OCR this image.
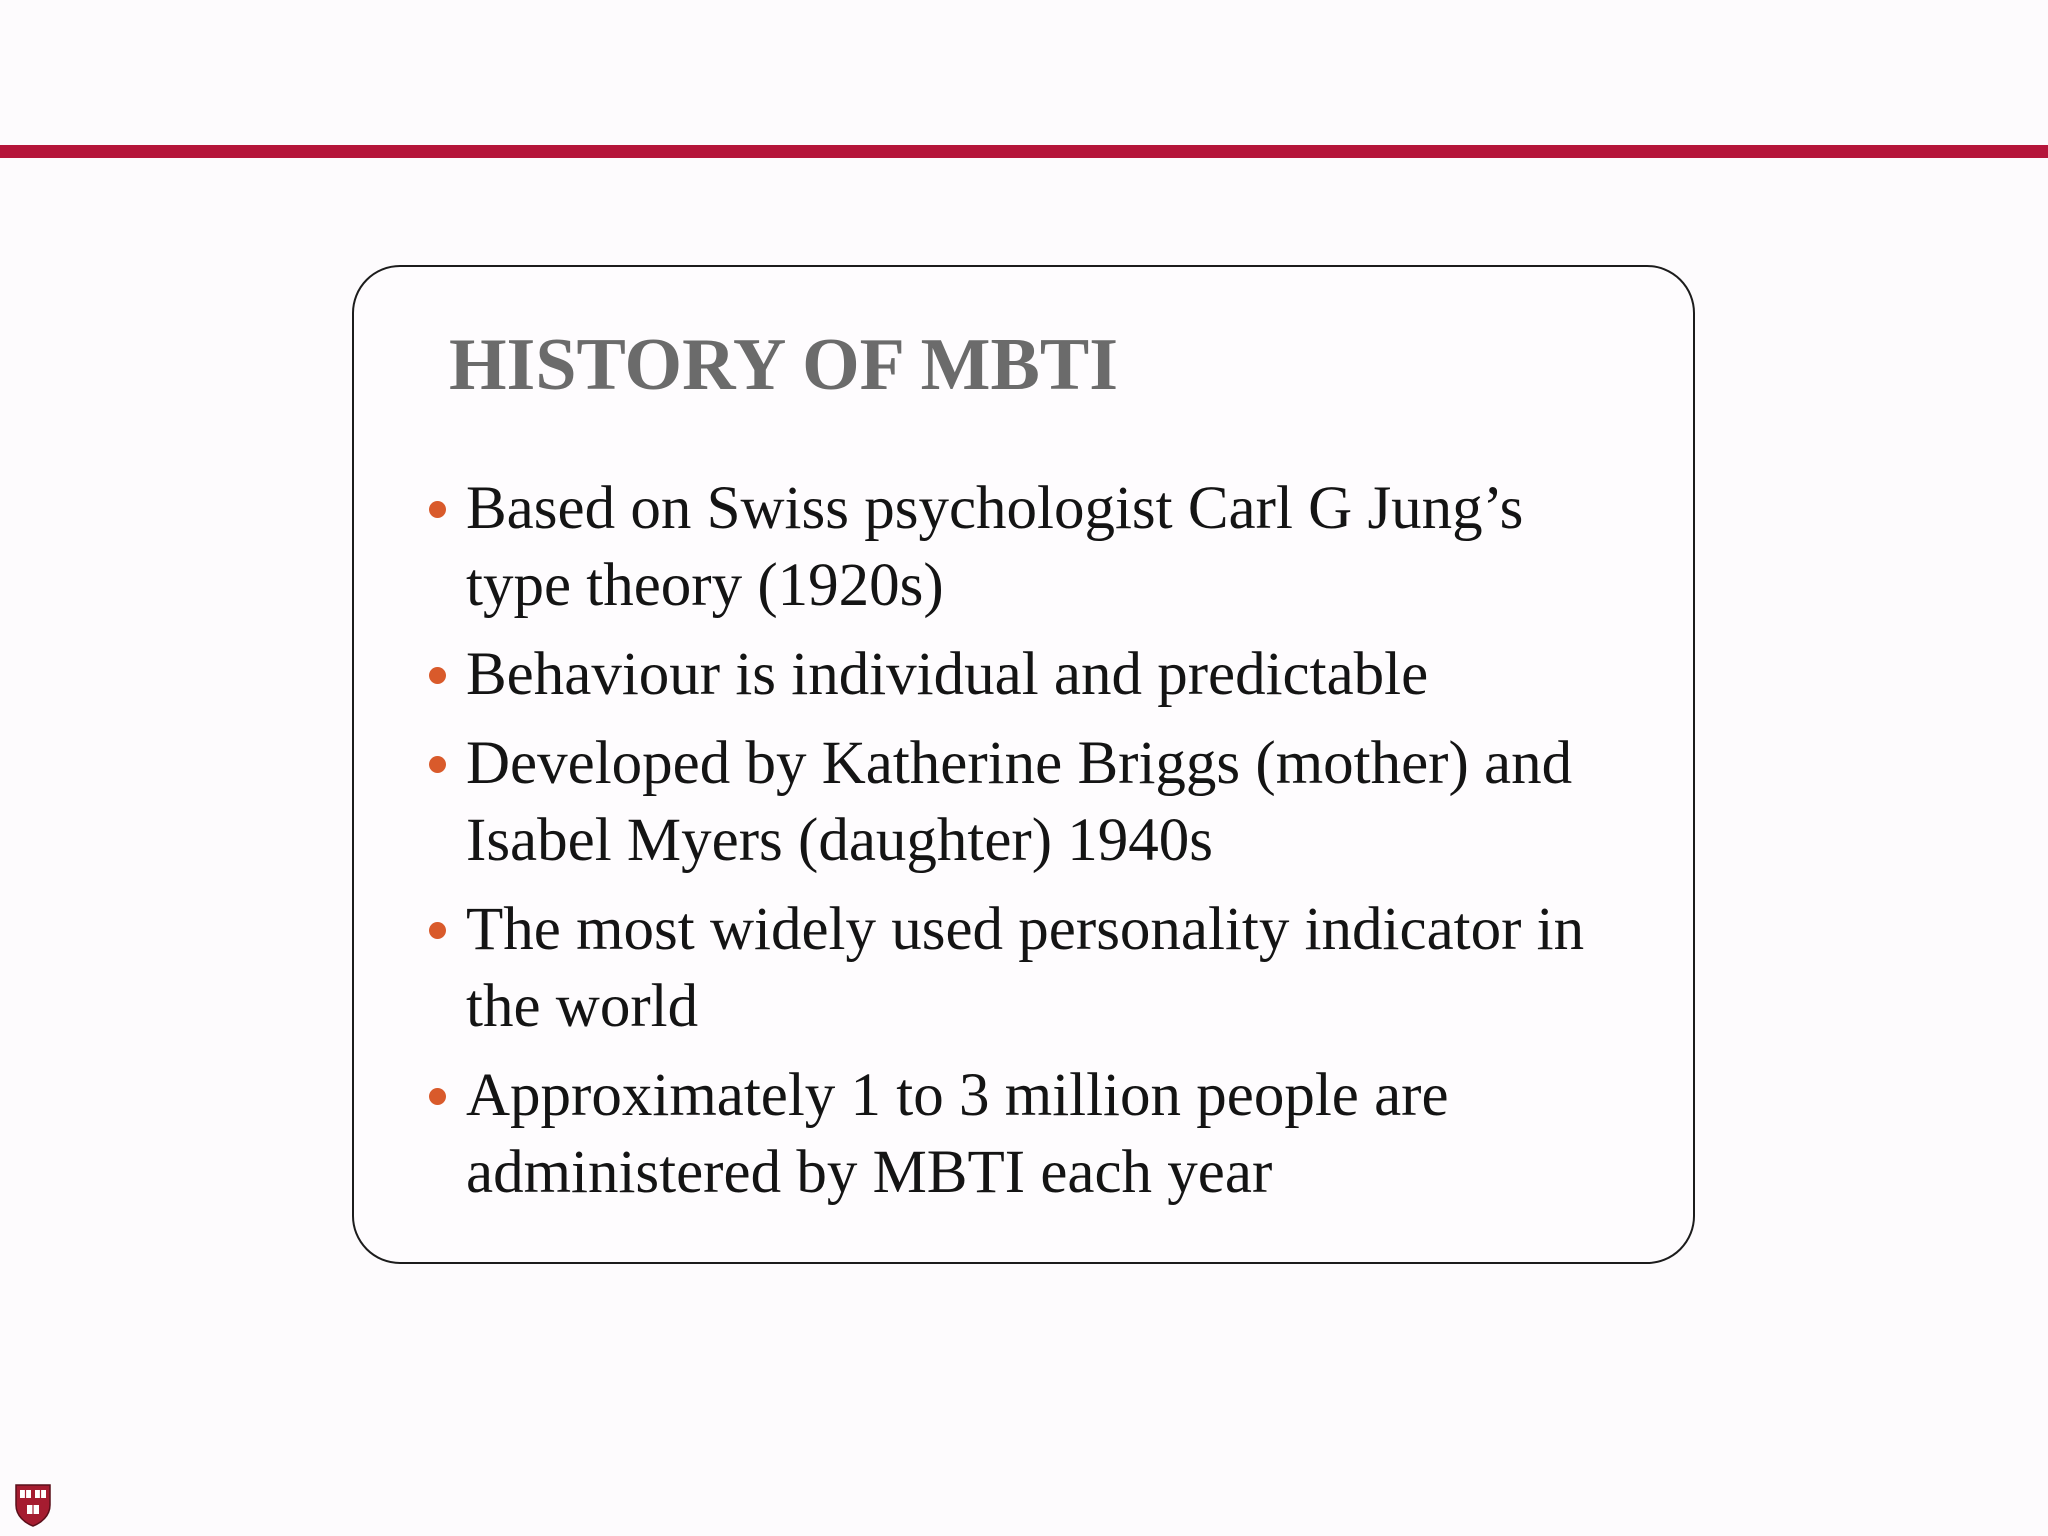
HISTORY OF MBTI
Based on Swiss psychologist Carl G Jung’s type theory (1920s)
Behaviour is individual and predictable
Developed by Katherine Briggs (mother) and Isabel Myers (daughter) 1940s
The most widely used personality indicator in the world
Approximately 1 to 3 million people are administered by MBTI each year
